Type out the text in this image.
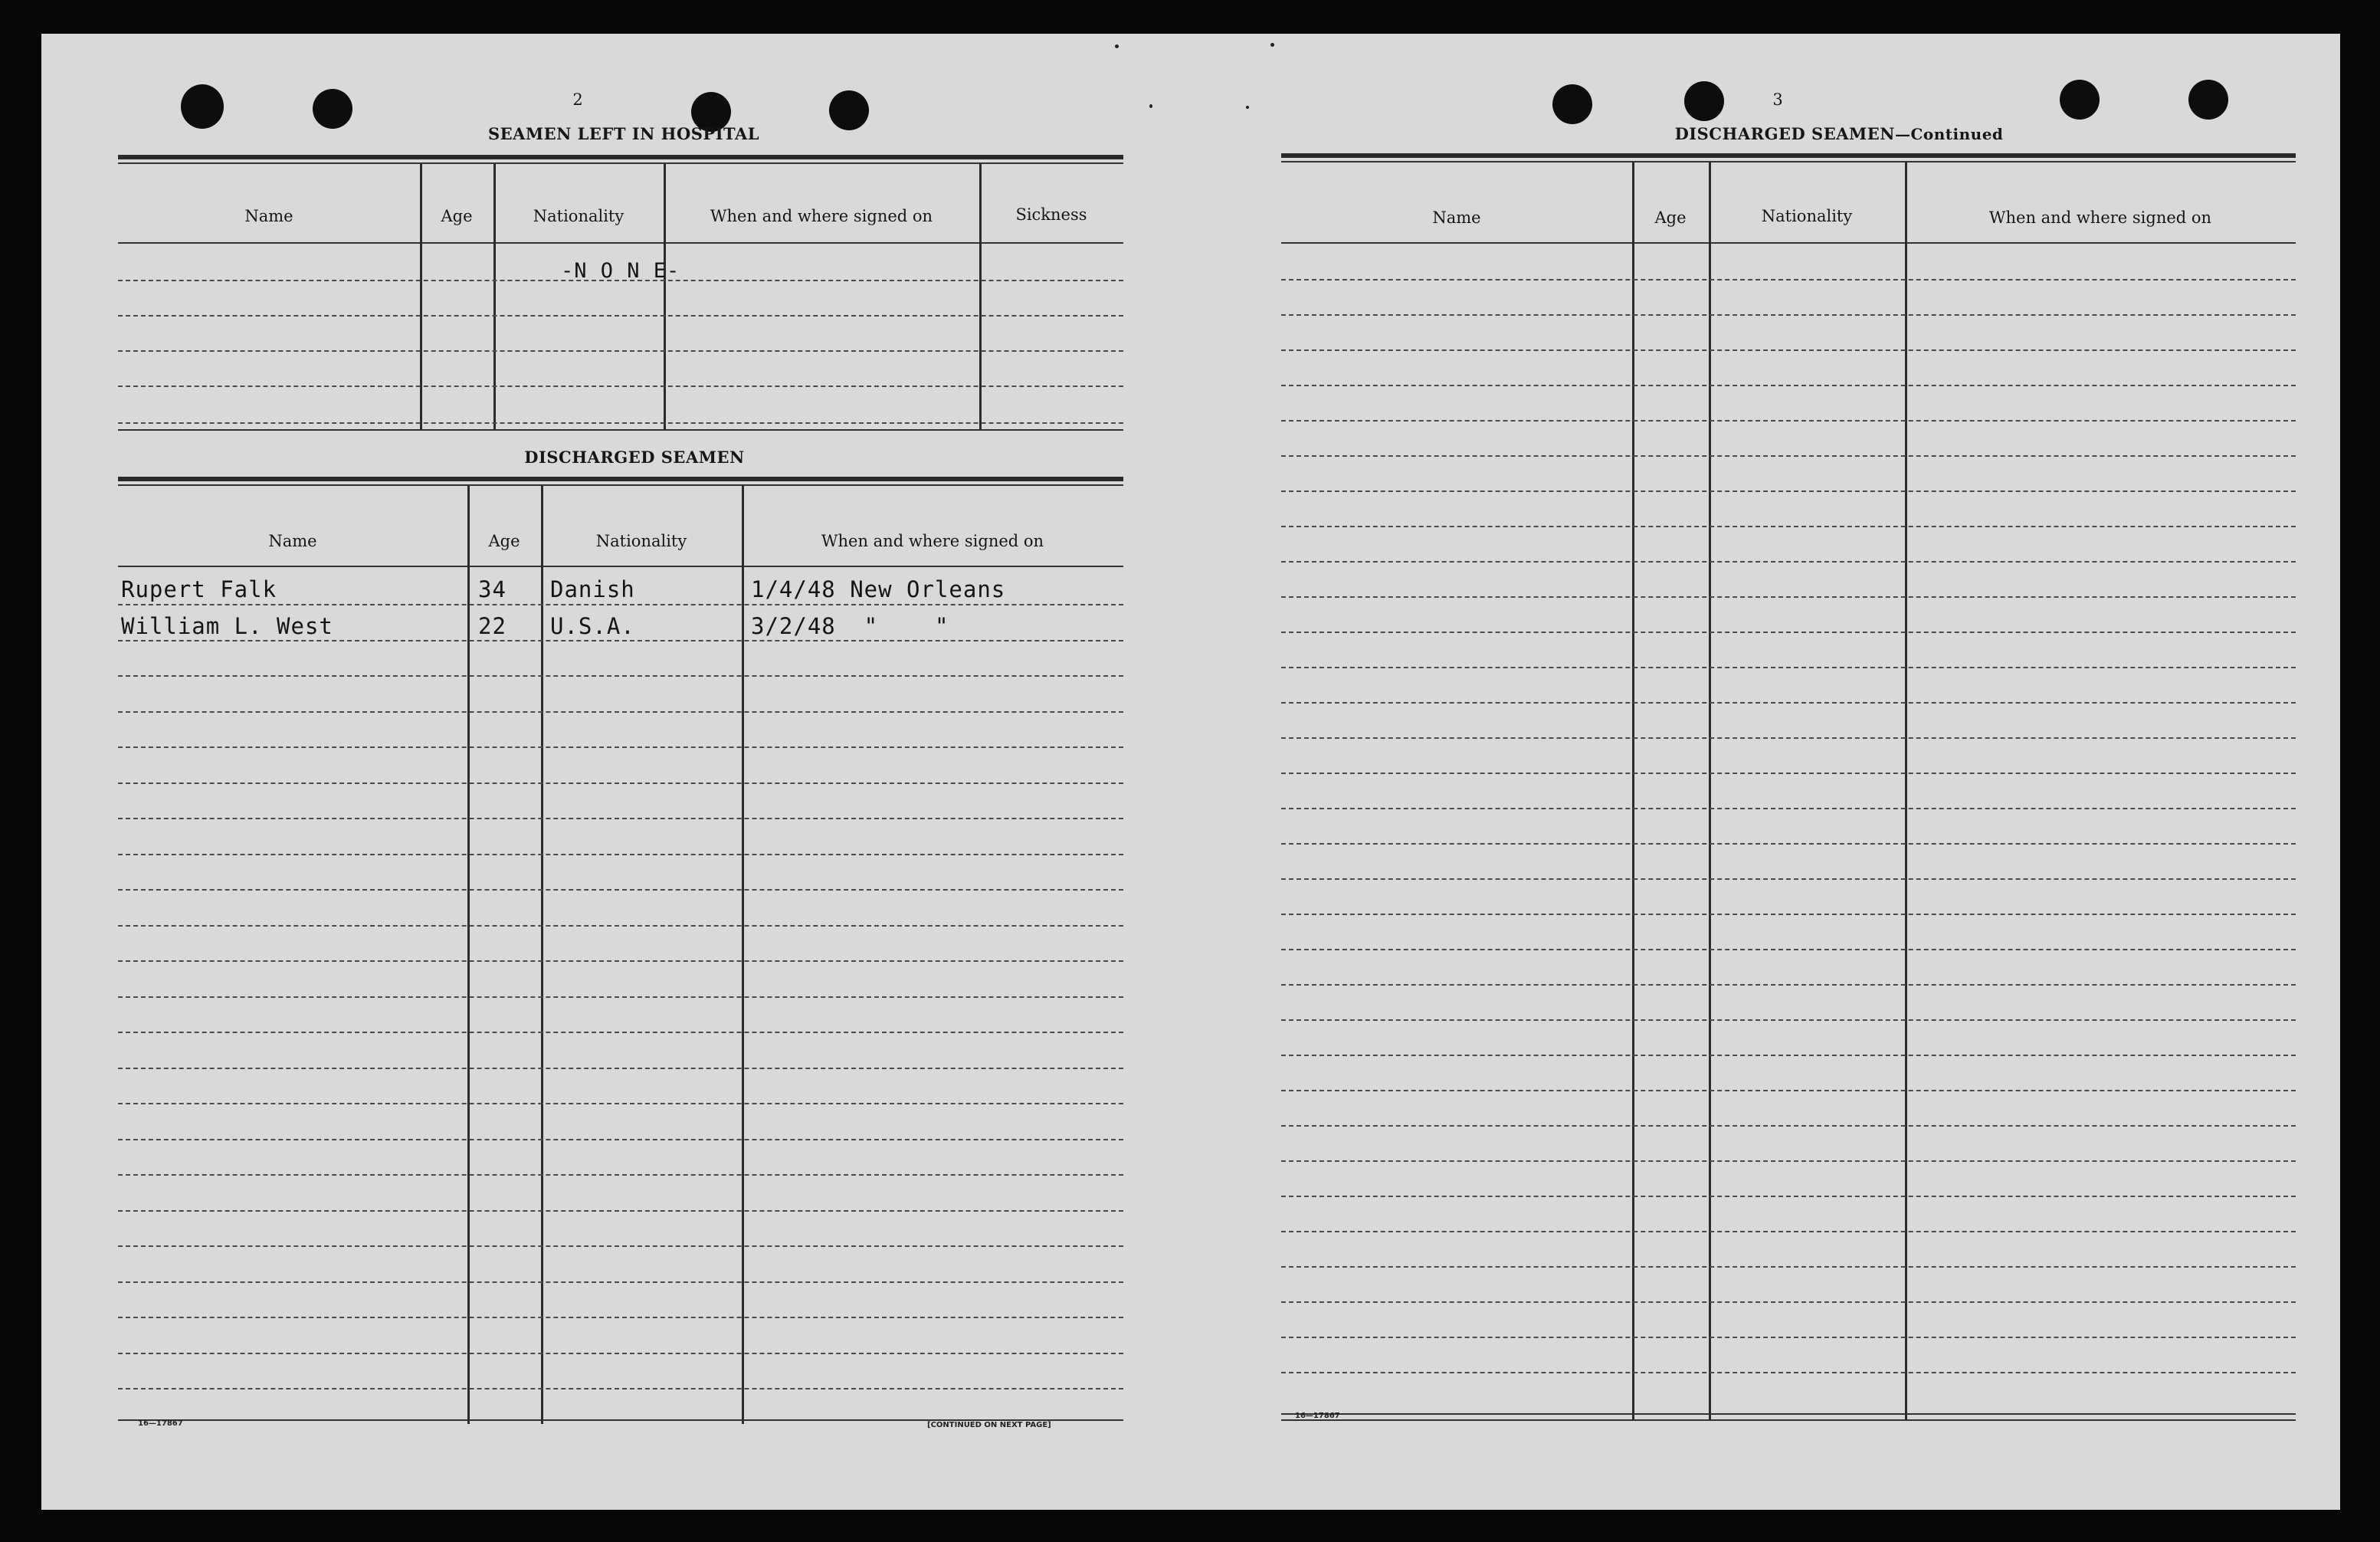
2
SEAMEN LEFT IN HOSPITAL
Name	Age	Nationality	When and where signed on	Sickness
-N O N E-
DISCHARGED SEAMEN
Name	Age	Nationality	When and where signed on
Rupert Falk	34 Danish	1/4/48 New Orleans
William L. West	22 U.S.A.	3/2/48  "    "
16—17867	[CONTINUED ON NEXT PAGE]
3
DISCHARGED SEAMEN—Continued
Name	Age	Nationality	When and where signed on
16—17867
